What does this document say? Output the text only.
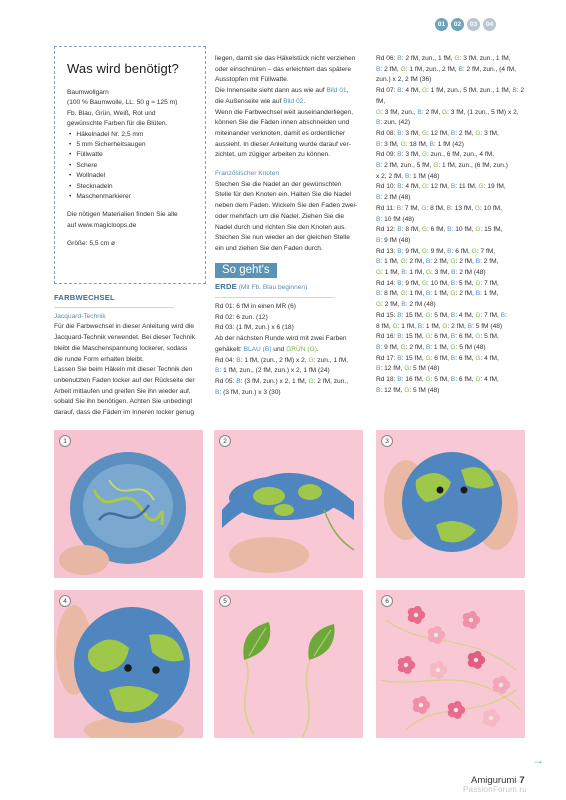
01	02	03	04
Was wird benötigt?

Baumwollgarn

(100 % Baumwolle, LL: 50 g ≈ 125 m)

Fb. Blau, Grün, Weiß, Rot und

gewünschte Farben für die Blüten.

• Häkelnadel Nr. 2,5 mm
• 5 mm Sicherheitsaugen
• Füllwatte
• Schere
• Wollnadel
• Stecknadeln
• Maschenmarkierer

Die nötigen Materialien finden Sie alle

auf www.magicloops.de

Größe: 5,5 cm ø

FARBWECHSEL

Jacquard-Technik

Für die Farbwechsel in dieser Anleitung wird die

Jacquard-Technik verwendet. Bei dieser Technik

bleibt die Maschenspannung lockerer, sodass

die runde Form erhalten bleibt.

Lassen Sie beim Häkeln mit dieser Technik den

unbenutzten Faden locker auf der Rückseite der

Arbeit mitlaufen und greifen Sie ihn wieder auf,

sobald Sie ihn benötigen. Achten Sie unbedingt

darauf, dass die Fäden im Inneren locker genug

liegen, damit sie das Häkelstück nicht verziehen

oder einschnüren – das erleichtert das spätere

Ausstopfen mit Füllwatte.

Die Innenseite sieht dann aus wie auf Bild 01,

die Außenseite wie auf Bild 02.

Wenn die Farbwechsel weit auseinanderliegen,

können Sie die Fäden innen abschneiden und

miteinander verknoten, damit es ordentlicher

aussieht. In dieser Anleitung wurde darauf ver-

zichtet, um zügiger arbeiten zu können.

Französischer Knoten

Stechen Sie die Nadel an der gewünschten

Stelle für den Knoten ein. Halten Sie die Nadel

neben dem Faden. Wickeln Sie den Faden zwei-

oder mehrfach um die Nadel. Ziehen Sie die

Nadel durch und richten Sie den Knoten aus.

Stechen Sie nun wieder an der gleichen Stelle

ein und ziehen Sie den Faden durch.

So geht's

ERDE (Mit Fb. Blau beginnen)

Rd 01: 6 fM in einen MR (6)

Rd 02: 6 zun. (12)

Rd 03: (1 fM, zun.) x 6 (18)

Ab der nächsten Runde wird mit zwei Farben

gehäkelt: BLAU (B) und GRÜN (G).

Rd 04: B: 1 fM, (zun., 2 fM) x 2, G: zun., 1 fM,

B: 1 fM, zun., (2 fM, zun.) x 2, 1 fM (24)

Rd 05: B: (3 fM, zun.) x 2, 1 fM, G: 2 fM, zun.,

B: (3 fM, zun.) x 3 (30)

Rd 06: B: 2 fM, zun., 1 fM, G: 3 fM, zun., 1 fM,

B: 2 fM, G: 1 fM, zun., 2 fM, B: 2 fM, zun., (4 fM,

zun.) x 2, 2 fM (36)

Rd 07: B: 4 fM, G: 1 fM, zun., 5 fM, zun., 1 fM, B: 2 fM,

G: 3 fM, zun., B: 2 fM, G: 3 fM, (1 zun., 5 fM) x 2,

B: zun. (42)

Rd 08: B: 3 fM, G: 12 fM, B: 2 fM, G: 3 fM,

B: 3 fM, G: 18 fM, B: 1 fM (42)

Rd 09: B: 3 fM, G: zun., 6 fM, zun., 4 fM,

B: 2 fM, zun., 5 fM, G: 1 fM, zun., (6 fM, zun.)

x 2, 2 fM, B: 1 fM (48)

Rd 10: B: 4 fM, G: 12 fM, B: 11 fM, G: 19 fM,

B: 2 fM (48)

Rd 11: B: 7 fM, G: 8 fM, B: 13 fM, G: 10 fM,

B: 10 fM (48)

Rd 12: B: 8 fM, G: 6 fM, B: 10 fM, G: 15 fM,

B: 9 fM (48)

Rd 13: B: 9 fM, G: 9 fM, B: 6 fM, G: 7 fM,

B: 1 fM, G: 2 fM, B: 2 fM, G: 2 fM, B: 2 fM,

G: 1 fM, B: 1 fM, G: 3 fM, B: 2 fM (48)

Rd 14: B: 9 fM, G: 10 fM, B: 5 fM, G: 7 fM,

B: 8 fM, G: 1 fM, B: 1 fM, G: 2 fM, B: 1 fM,

G: 2 fM, B: 2 fM (48)

Rd 15: B: 15 fM, G: 5 fM, B: 4 fM, G: 7 fM, B:

8 fM, G: 1 fM, B: 1 fM, G: 2 fM, B: 5 fM (48)

Rd 16: B: 15 fM, G: 6 fM, B: 6 fM, G: 5 fM,

B: 9 fM, G: 2 fM, B: 1 fM, G: 5 fM (48)

Rd 17: B: 15 fM, G: 6 fM, B: 6 fM, G: 4 fM,

B: 12 fM, G: 5 fM (48)

Rd 18: B: 16 fM, G: 5 fM, B: 6 fM, G: 4 fM,

B: 12 fM, G: 5 fM (48)

1	2	3
4	5	6
→
Amigurumi 7
PassionForum.ru
